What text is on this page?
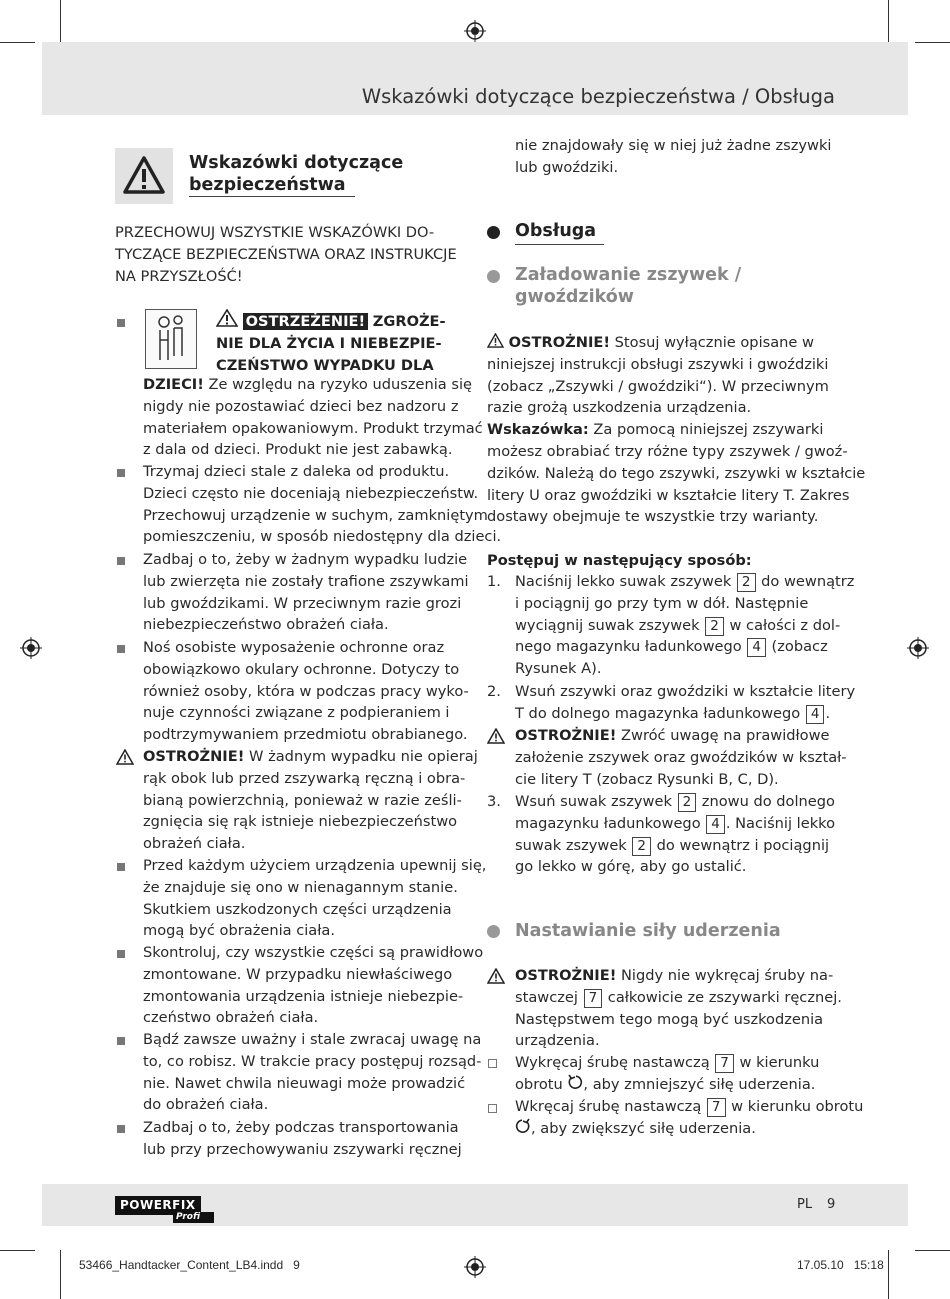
Wskazówki dotyczące bezpieczeństwa / Obsługa
Wskazówki dotyczące
bezpieczeństwa
PRZECHOWUJ WSZYSTKIE WSKAZÓWKI DO-
TYCZĄCE BEZPIECZEŃSTWA ORAZ INSTRUKCJE
NA PRZYSZŁOŚĆ!
OSTRZEŻENIE! ZGROŻE-
NIE DLA ŻYCIA I NIEBEZPIE-
CZEŃSTWO WYPADKU DLA
DZIECI! Ze względu na ryzyko uduszenia się
nigdy nie pozostawiać dzieci bez nadzoru z
materiałem opakowaniowym. Produkt trzymać
z dala od dzieci. Produkt nie jest zabawką.
Trzymaj dzieci stale z daleka od produktu.
Dzieci często nie doceniają niebezpieczeństw.
Przechowuj urządzenie w suchym, zamkniętym
pomieszczeniu, w sposób niedostępny dla dzieci.
Zadbaj o to, żeby w żadnym wypadku ludzie
lub zwierzęta nie zostały trafione zszywkami
lub gwoździkami. W przeciwnym razie grozi
niebezpieczeństwo obrażeń ciała.
Noś osobiste wyposażenie ochronne oraz
obowiązkowo okulary ochronne. Dotyczy to
również osoby, która w podczas pracy wyko-
nuje czynności związane z podpieraniem i
podtrzymywaniem przedmiotu obrabianego.
OSTROŻNIE! W żadnym wypadku nie opieraj
rąk obok lub przed zszywarką ręczną i obra-
bianą powierzchnią, ponieważ w razie ześli-
zgnięcia się rąk istnieje niebezpieczeństwo
obrażeń ciała.
Przed każdym użyciem urządzenia upewnij się,
że znajduje się ono w nienagannym stanie.
Skutkiem uszkodzonych części urządzenia
mogą być obrażenia ciała.
Skontroluj, czy wszystkie części są prawidłowo
zmontowane. W przypadku niewłaściwego
zmontowania urządzenia istnieje niebezpie-
czeństwo obrażeń ciała.
Bądź zawsze uważny i stale zwracaj uwagę na
to, co robisz. W trakcie pracy postępuj rozsąd-
nie. Nawet chwila nieuwagi może prowadzić
do obrażeń ciała.
Zadbaj o to, żeby podczas transportowania
lub przy przechowywaniu zszywarki ręcznej
nie znajdowały się w niej już żadne zszywki
lub gwoździki.
Obsługa
Załadowanie zszywek /
gwoździków
OSTROŻNIE! Stosuj wyłącznie opisane w
niniejszej instrukcji obsługi zszywki i gwoździki
(zobacz „Zszywki / gwoździki“). W przeciwnym
razie grożą uszkodzenia urządzenia.
Wskazówka: Za pomocą niniejszej zszywarki
możesz obrabiać trzy różne typy zszywek / gwoź-
dzików. Należą do tego zszywki, zszywki w kształcie
litery U oraz gwoździki w kształcie litery T. Zakres
dostawy obejmuje te wszystkie trzy warianty.
Postępuj w następujący sposób:
1. Naciśnij lekko suwak zszywek 2 do wewnątrz
i pociągnij go przy tym w dół. Następnie
wyciągnij suwak zszywek 2 w całości z dol-
nego magazynku ładunkowego 4 (zobacz
Rysunek A).
2. Wsuń zszywki oraz gwoździki w kształcie litery
T do dolnego magazynka ładunkowego 4 .
OSTROŻNIE! Zwróć uwagę na prawidłowe
założenie zszywek oraz gwoździków w kształ-
cie litery T (zobacz Rysunki B, C, D).
3. Wsuń suwak zszywek 2 znowu do dolnego
magazynku ładunkowego 4 . Naciśnij lekko
suwak zszywek 2 do wewnątrz i pociągnij
go lekko w górę, aby go ustalić.
Nastawianie siły uderzenia
OSTROŻNIE! Nigdy nie wykręcaj śruby na-
stawczej 7 całkowicie ze zszywarki ręcznej.
Następstwem tego mogą być uszkodzenia
urządzenia.
Wykręcaj śrubę nastawczą 7 w kierunku
obrotu , aby zmniejszyć siłę uderzenia.
Wkręcaj śrubę nastawczą 7 w kierunku obrotu
, aby zwiększyć siłę uderzenia.
POWERFIX
Profi
PL 9
53466_Handtacker_Content_LB4.indd   9	17.05.10   15:18
